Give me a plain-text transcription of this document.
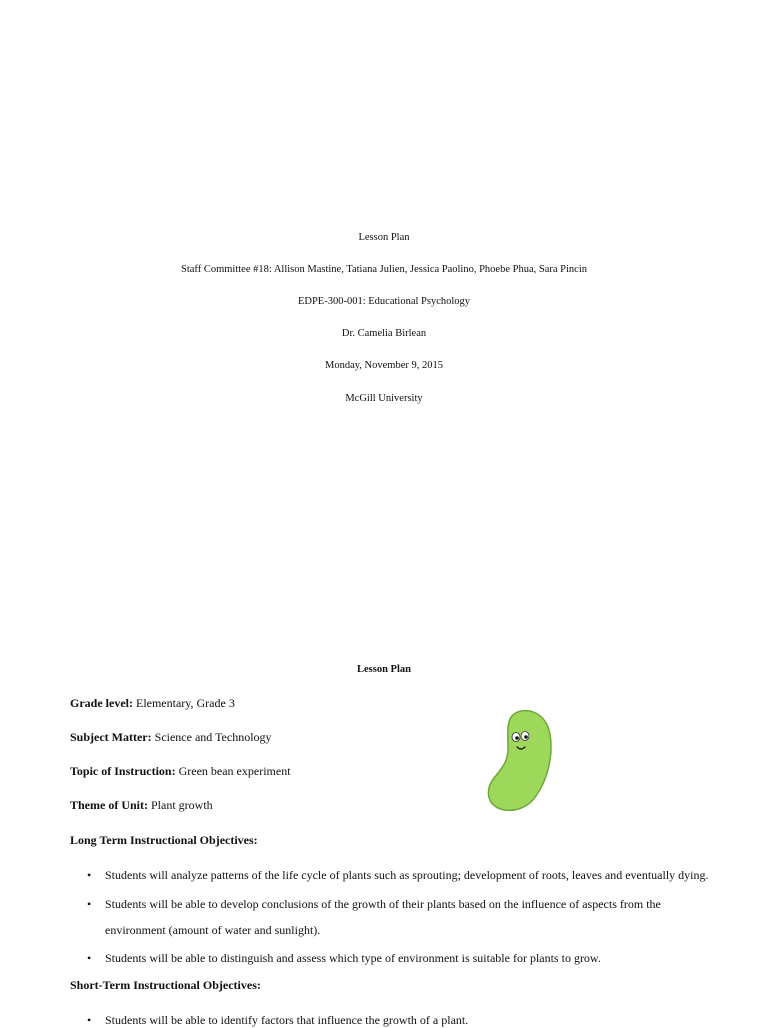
Lesson Plan
Staff Committee #18: Allison Mastine, Tatiana Julien, Jessica Paolino, Phoebe Phua, Sara Pincin
EDPE-300-001: Educational Psychology
Dr. Camelia Birlean
Monday, November 9, 2015
McGill University
Lesson Plan
Grade level: Elementary, Grade 3
Subject Matter: Science and Technology
Topic of Instruction: Green bean experiment
Theme of Unit: Plant growth
Long Term Instructional Objectives:
• Students will analyze patterns of the life cycle of plants such as sprouting; development of roots, leaves and eventually dying.
• Students will be able to develop conclusions of the growth of their plants based on the influence of aspects from the
environment (amount of water and sunlight).
• Students will be able to distinguish and assess which type of environment is suitable for plants to grow.
Short-Term Instructional Objectives:
• Students will be able to identify factors that influence the growth of a plant.
